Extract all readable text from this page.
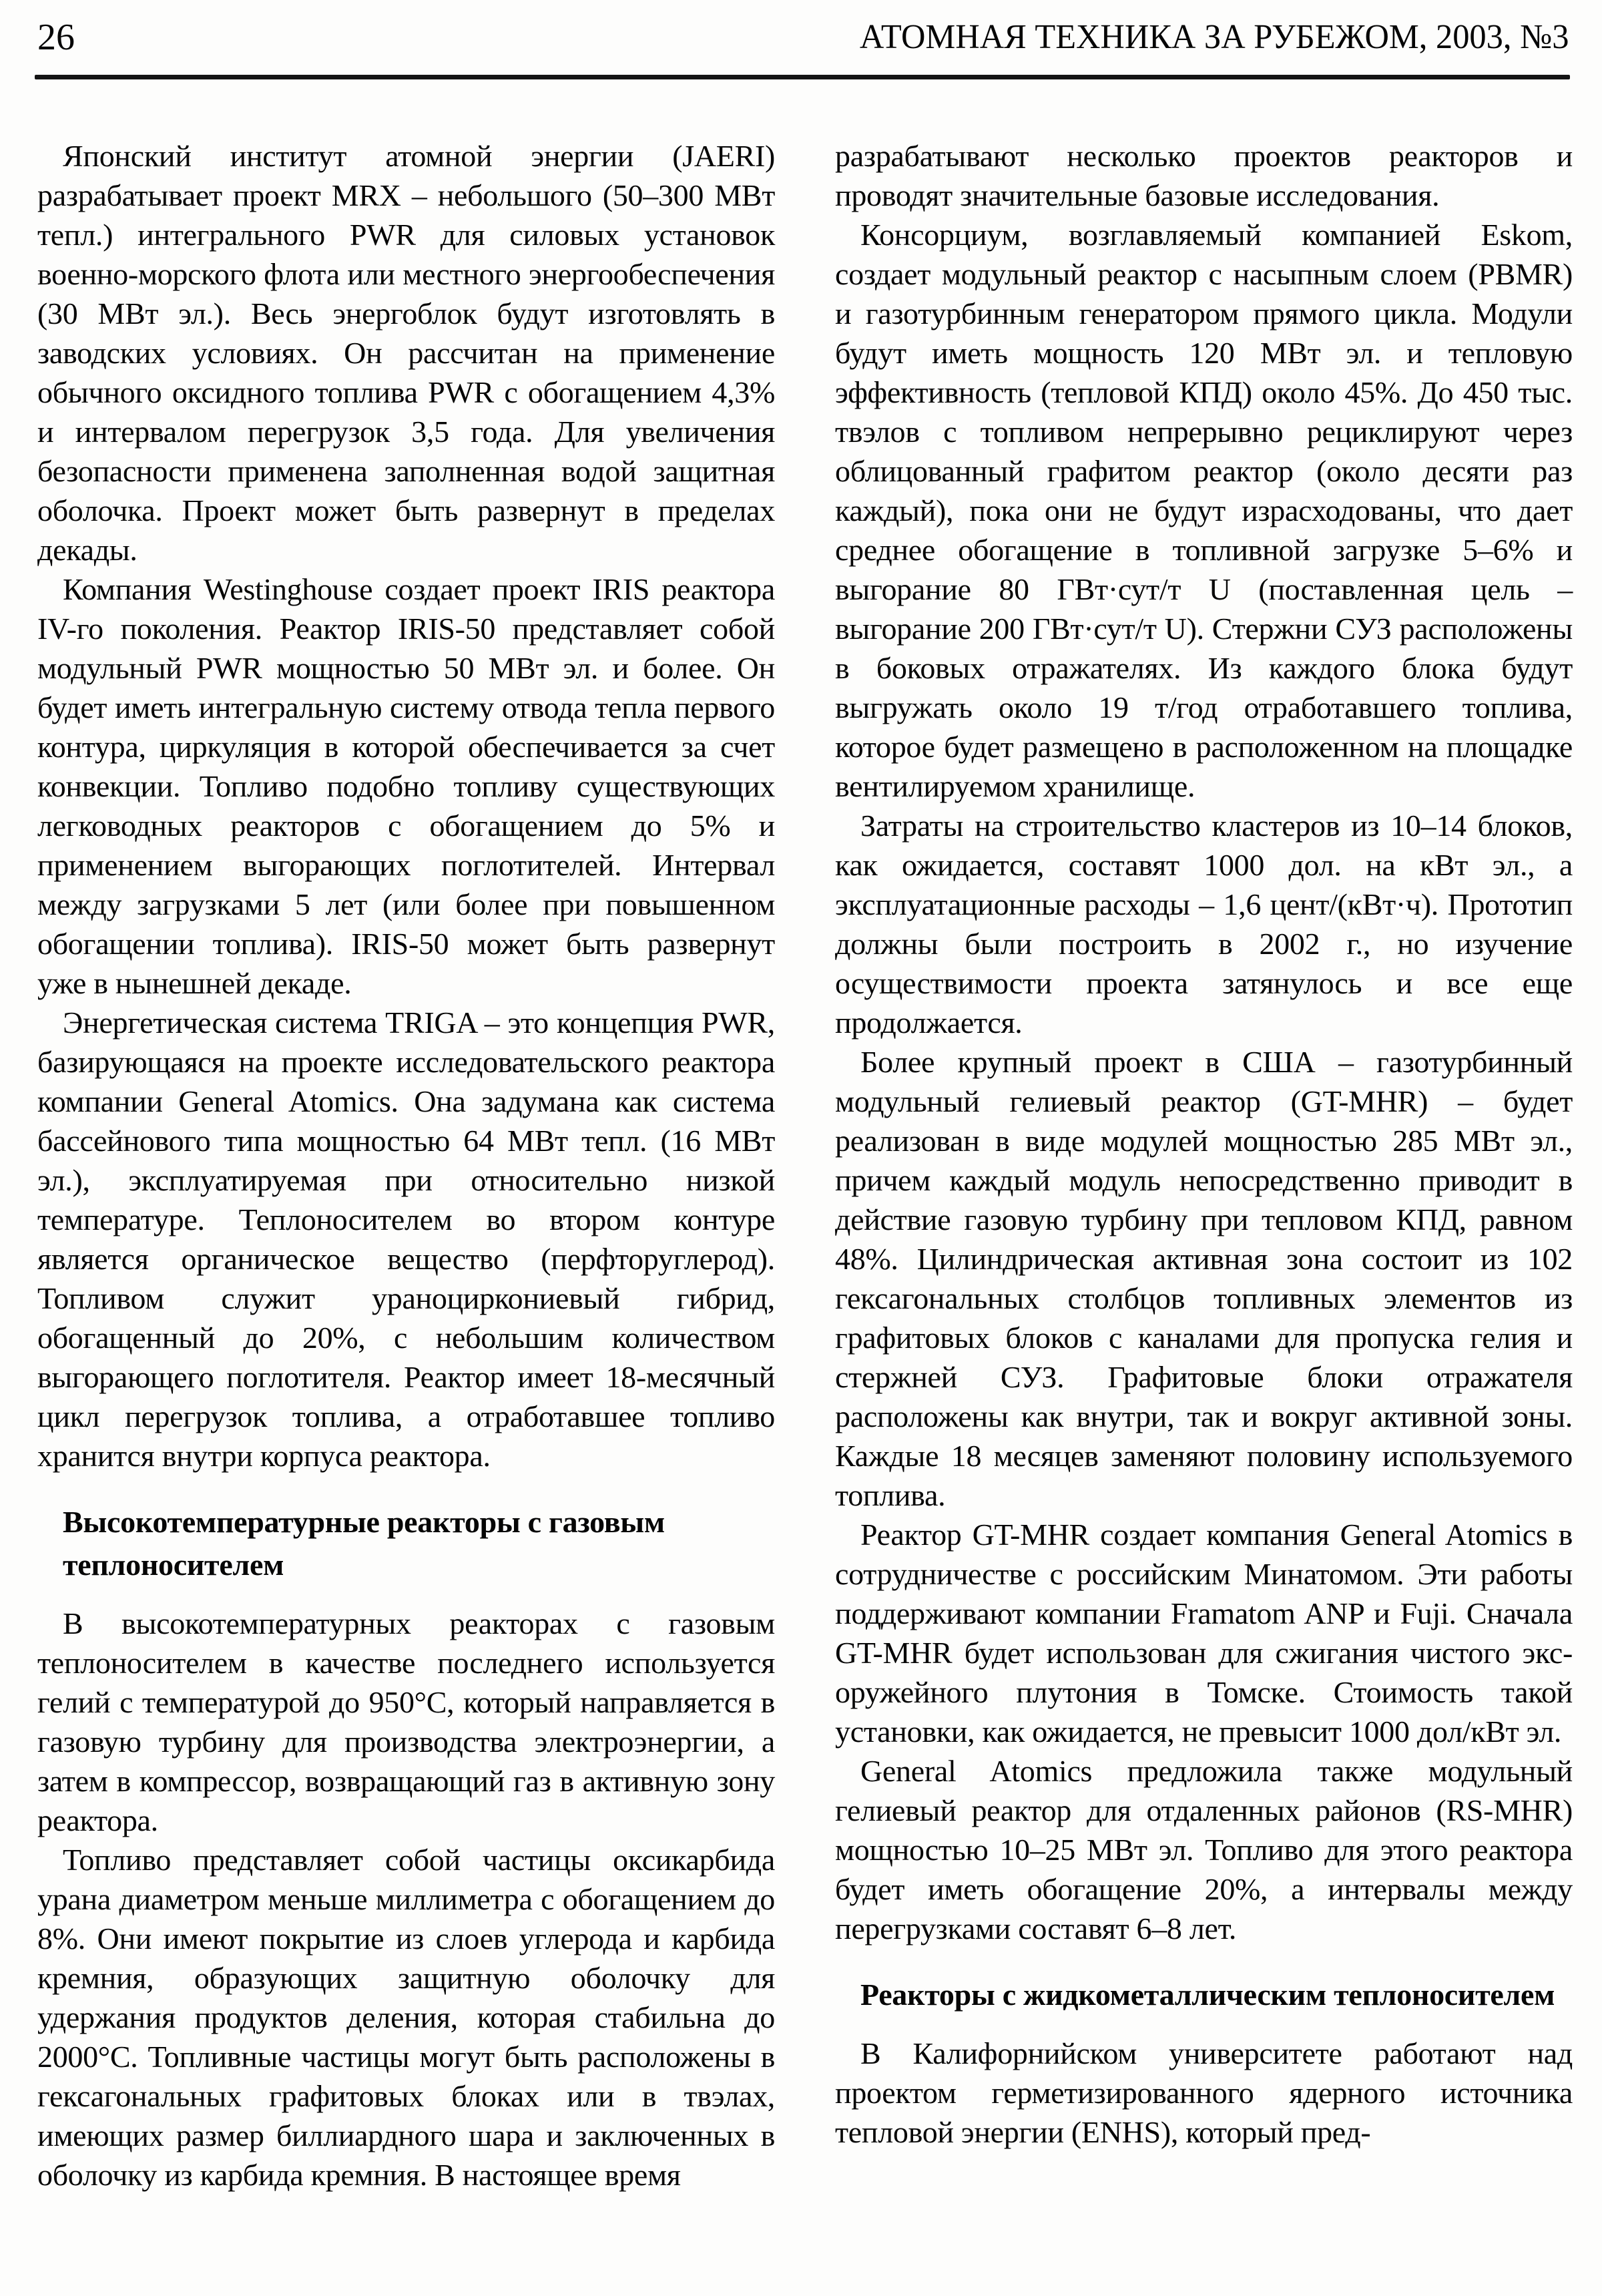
26	АТОМНАЯ ТЕХНИКА ЗА РУБЕЖОМ, 2003, №3

Японский институт атомной энергии (JAERI) разрабатывает проект MRX – небольшого (50–300 МВт тепл.) интегрального PWR для силовых установок военно-морского флота или местного энергообеспечения (30 МВт эл.). Весь энергоблок будут изготовлять в заводских условиях. Он рассчитан на применение обычного оксидного топлива PWR с обогащением 4,3% и интервалом перегрузок 3,5 года. Для увеличения безопасности применена заполненная водой защитная оболочка. Проект может быть развернут в пределах декады.

Компания Westinghouse создает проект IRIS реактора IV-го поколения. Реактор IRIS-50 представляет собой модульный PWR мощностью 50 МВт эл. и более. Он будет иметь интегральную систему отвода тепла первого контура, циркуляция в которой обеспечивается за счет конвекции. Топливо подобно топливу существующих легководных реакторов с обогащением до 5% и применением выгорающих поглотителей. Интервал между загрузками 5 лет (или более при повышенном обогащении топлива). IRIS-50 может быть развернут уже в нынешней декаде.

Энергетическая система TRIGA – это концепция PWR, базирующаяся на проекте исследовательского реактора компании General Atomics. Она задумана как система бассейнового типа мощностью 64 МВт тепл. (16 МВт эл.), эксплуатируемая при относительно низкой температуре. Теплоносителем во втором контуре является органическое вещество (перфторуглерод). Топливом служит ураноциркониевый гибрид, обогащенный до 20%, с небольшим количеством выгорающего поглотителя. Реактор имеет 18-месячный цикл перегрузок топлива, а отработавшее топливо хранится внутри корпуса реактора.

Высокотемпературные реакторы с газовым теплоносителем

В высокотемпературных реакторах с газовым теплоносителем в качестве последнего используется гелий с температурой до 950°С, который направляется в газовую турбину для производства электроэнергии, а затем в компрессор, возвращающий газ в активную зону реактора.

Топливо представляет собой частицы оксикарбида урана диаметром меньше миллиметра с обогащением до 8%. Они имеют покрытие из слоев углерода и карбида кремния, образующих защитную оболочку для удержания продуктов деления, которая стабильна до 2000°С. Топливные частицы могут быть расположены в гексагональных графитовых блоках или в твэлах, имеющих размер биллиардного шара и заключенных в оболочку из карбида кремния. В настоящее время

разрабатывают несколько проектов реакторов и проводят значительные базовые исследования.

Консорциум, возглавляемый компанией Eskom, создает модульный реактор с насыпным слоем (PBMR) и газотурбинным генератором прямого цикла. Модули будут иметь мощность 120 МВт эл. и тепловую эффективность (тепловой КПД) около 45%. До 450 тыс. твэлов с топливом непрерывно рециклируют через облицованный графитом реактор (около десяти раз каждый), пока они не будут израсходованы, что дает среднее обогащение в топливной загрузке 5–6% и выгорание 80 ГВт·сут/т U (поставленная цель – выгорание 200 ГВт·сут/т U). Стержни СУЗ расположены в боковых отражателях. Из каждого блока будут выгружать около 19 т/год отработавшего топлива, которое будет размещено в расположенном на площадке вентилируемом хранилище.

Затраты на строительство кластеров из 10–14 блоков, как ожидается, составят 1000 дол. на кВт эл., а эксплуатационные расходы – 1,6 цент/(кВт·ч). Прототип должны были построить в 2002 г., но изучение осуществимости проекта затянулось и все еще продолжается.

Более крупный проект в США – газотурбинный модульный гелиевый реактор (GT-MHR) – будет реализован в виде модулей мощностью 285 МВт эл., причем каждый модуль непосредственно приводит в действие газовую турбину при тепловом КПД, равном 48%. Цилиндрическая активная зона состоит из 102 гексагональных столбцов топливных элементов из графитовых блоков с каналами для пропуска гелия и стержней СУЗ. Графитовые блоки отражателя расположены как внутри, так и вокруг активной зоны. Каждые 18 месяцев заменяют половину используемого топлива.

Реактор GT-MHR создает компания General Atomics в сотрудничестве с российским Минатомом. Эти работы поддерживают компании Framatom ANP и Fuji. Сначала GT-MHR будет использован для сжигания чистого экс-оружейного плутония в Томске. Стоимость такой установки, как ожидается, не превысит 1000 дол/кВт эл.

General Atomics предложила также модульный гелиевый реактор для отдаленных районов (RS-MHR) мощностью 10–25 МВт эл. Топливо для этого реактора будет иметь обогащение 20%, а интервалы между перегрузками составят 6–8 лет.

Реакторы с жидкометаллическим теплоносителем

В Калифорнийском университете работают над проектом герметизированного ядерного источника тепловой энергии (ENHS), который пред-
